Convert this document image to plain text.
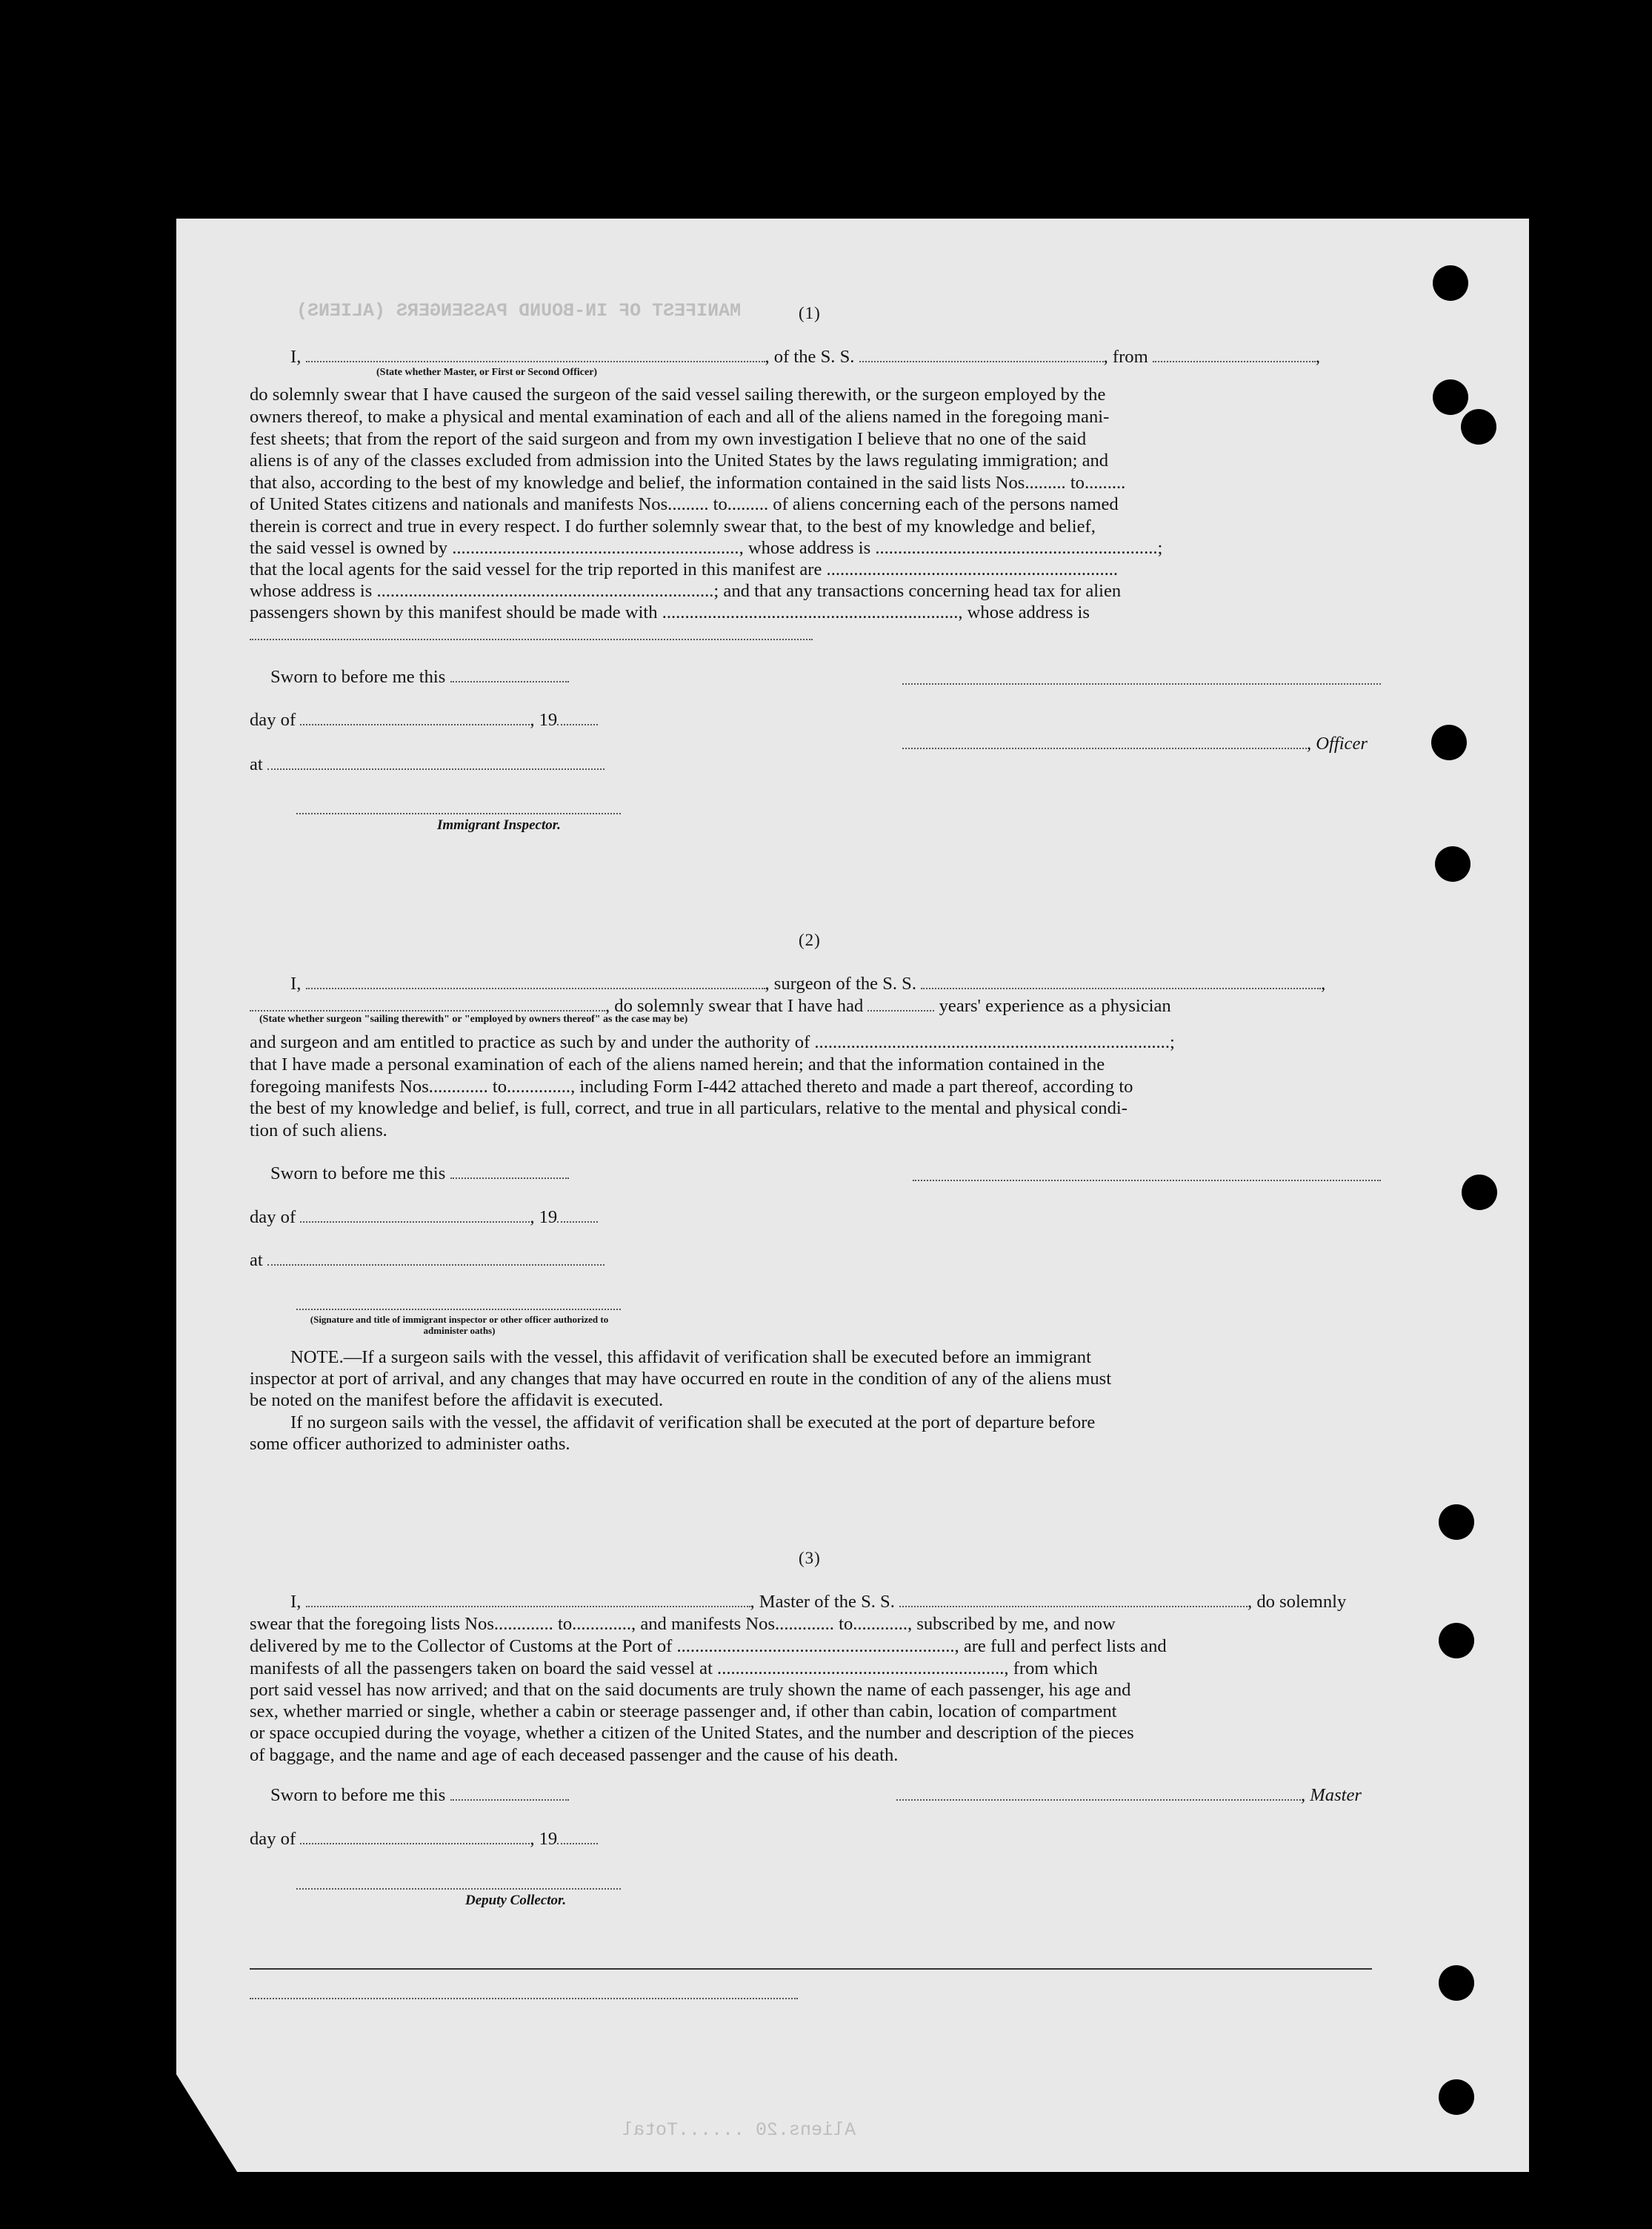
MANIFEST OF IN-BOUND PASSENGERS (ALIENS)
Aliens.20 ......Total
(1)
I,	, of the S. S.	, from	,
(State whether Master, or First or Second Officer)
do solemnly swear that I have caused the surgeon of the said vessel sailing therewith, or the surgeon employed by the
owners thereof, to make a physical and mental examination of each and all of the aliens named in the foregoing mani-
fest sheets; that from the report of the said surgeon and from my own investigation I believe that no one of the said
aliens is of any of the classes excluded from admission into the United States by the laws regulating immigration; and
that also, according to the best of my knowledge and belief, the information contained in the said lists Nos......... to.........
of United States citizens and nationals and manifests Nos......... to......... of aliens concerning each of the persons named
therein is correct and true in every respect. I do further solemnly swear that, to the best of my knowledge and belief,
the said vessel is owned by ..............................................................., whose address is ..............................................................;
that the local agents for the said vessel for the trip reported in this manifest are ................................................................
whose address is ..........................................................................; and that any transactions concerning head tax for alien
passengers shown by this manifest should be made with ................................................................., whose address is
Sworn to before me this
day of	, 19
, Officer
at
Immigrant Inspector.
(2)
I,	, surgeon of the S. S.	,
, do solemnly swear that I have had	years' experience as a physician
(State whether surgeon "sailing therewith" or "employed by owners thereof" as the case may be)
and surgeon and am entitled to practice as such by and under the authority of ..............................................................................;
that I have made a personal examination of each of the aliens named herein; and that the information contained in the
foregoing manifests Nos............. to.............., including Form I-442 attached thereto and made a part thereof, according to
the best of my knowledge and belief, is full, correct, and true in all particulars, relative to the mental and physical condi-
tion of such aliens.
Sworn to before me this
day of	, 19
at
(Signature and title of immigrant inspector or other officer authorized to administer oaths)
NOTE.—If a surgeon sails with the vessel, this affidavit of verification shall be executed before an immigrant
inspector at port of arrival, and any changes that may have occurred en route in the condition of any of the aliens must
be noted on the manifest before the affidavit is executed.
If no surgeon sails with the vessel, the affidavit of verification shall be executed at the port of departure before
some officer authorized to administer oaths.
(3)
I,	, Master of the S. S.	, do solemnly
swear that the foregoing lists Nos............. to............., and manifests Nos............. to............, subscribed by me, and now
delivered by me to the Collector of Customs at the Port of ............................................................., are full and perfect lists and
manifests of all the passengers taken on board the said vessel at ..............................................................., from which
port said vessel has now arrived; and that on the said documents are truly shown the name of each passenger, his age and
sex, whether married or single, whether a cabin or steerage passenger and, if other than cabin, location of compartment
or space occupied during the voyage, whether a citizen of the United States, and the number and description of the pieces
of baggage, and the name and age of each deceased passenger and the cause of his death.
Sworn to before me this	, Master
day of	, 19
Deputy Collector.
